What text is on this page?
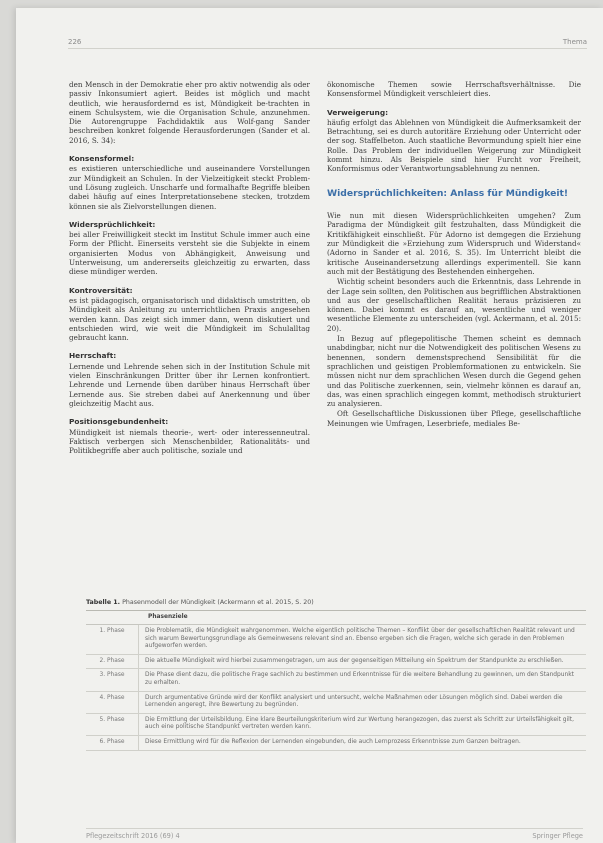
226	Thema

den Mensch in der Demokratie eher pro aktiv notwendig als oder passiv Inkonsumiert agiert. Beides ist möglich und macht deutlich, wie herausfordernd es ist, Mündigkeit be-trachten in einem Schulsystem, wie die Organisation Schule, anzunehmen. Die Autorengruppe Fachdidaktik aus Wolf-gang Sander beschreiben konkret folgende Herausforderungen (Sander et al. 2016, S. 34):

Konsensformel:

es existieren unterschiedliche und auseinandere Vorstellungen zur Mündigkeit an Schulen. In der Vielzeitigkeit steckt Problem- und Lösung zugleich. Unscharfe und formalhafte Begriffe bleiben dabei häufig auf eines Interpretationsebene stecken, trotzdem können sie als Zielvorstellungen dienen.

Widersprüchlichkeit:

bei aller Freiwilligkeit steckt im Institut Schule immer auch eine Form der Pflicht. Einerseits versteht sie die Subjekte in einem organisierten Modus von Abhängigkeit, Anweisung und Unterweisung, um andererseits gleichzeitig zu erwarten, dass diese mündiger werden.

Kontroversität:

es ist pädagogisch, organisatorisch und didaktisch umstritten, ob Mündigkeit als Anleitung zu unterrichtlichen Praxis angesehen werden kann. Das zeigt sich immer dann, wenn diskutiert und entschieden wird, wie weit die Mündigkeit im Schulalltag gebraucht kann.

Herrschaft:

Lernende und Lehrende sehen sich in der Institution Schule mit vielen Einschränkungen Dritter über ihr Lernen konfrontiert. Lehrende und Lernende üben darüber hinaus Herrschaft über Lernende aus. Sie streben dabei auf Anerkennung und über gleichzeitig Macht aus.

Positionsgebundenheit:

Mündigkeit ist niemals theorie-, wert- oder interessenneutral. Faktisch verbergen sich Menschenbilder, Rationalitäts- und Politikbegriffe aber auch politische, soziale und

ökonomische Themen sowie Herrschaftsverhältnisse. Die Konsensformel Mündigkeit verschleiert dies.

Verweigerung:

häufig erfolgt das Ablehnen von Mündigkeit die Aufmerksamkeit der Betrachtung, sei es durch autoritäre Erziehung oder Unterricht oder der sog. Staffelbeton. Auch staatliche Bevormundung spielt hier eine Rolle. Das Problem der individuellen Weigerung zur Mündigkeit kommt hinzu. Als Beispiele sind hier Furcht vor Freiheit, Konformismus oder Verantwortungsablehnung zu nennen.

Widersprüchlichkeiten: Anlass für Mündigkeit!

Wie nun mit diesen Widersprüchlichkeiten umgehen? Zum Paradigma der Mündigkeit gilt festzuhalten, dass Mündigkeit die Kritikfähigkeit einschließt. Für Adorno ist demgegen die Erziehung zur Mündigkeit die »Erziehung zum Widerspruch und Widerstand« (Adorno in Sander et al. 2016, S. 35). Im Unterricht bleibt die kritische Auseinandersetzung allerdings experimentell. Sie kann auch mit der Bestätigung des Bestehenden einhergehen.

Wichtig scheint besonders auch die Erkenntnis, dass Lehrende in der Lage sein sollten, den Politischen aus begrifflichen Abstraktionen und aus der gesellschaftlichen Realität heraus präzisieren zu können. Dabei kommt es darauf an, wesentliche und weniger wesentliche Elemente zu unterscheiden (vgl. Ackermann, et al. 2015: 20).

In Bezug auf pflegepolitische Themen scheint es demnach unabdingbar, nicht nur die Notwendigkeit des politischen Wesens zu benennen, sondern demenstsprechend Sensibilität für die sprachlichen und geistigen Problemformationen zu entwickeln. Sie müssen nicht nur dem sprachlichen Wesen durch die Gegend gehen und das Politische zuerkennen, sein, vielmehr können es darauf an, das, was einen sprachlich eingegen kommt, methodisch strukturiert zu analysieren.

Oft Gesellschaftliche Diskussionen über Pflege, gesellschaftliche Meinungen wie Umfragen, Leserbriefe, mediales Be-

Tabelle 1. Phasenmodell der Mündigkeit (Ackermann et al. 2015, S. 20)
Phasenziele
1. Phase	Die Problematik, die Mündigkeit wahrgenommen. Welche eigentlich politische Themen – Konflikt über der gesellschaftlichen Realität relevant und sich warum Bewertungsgrundlage als Gemeinwesens relevant sind an. Ebenso ergeben sich die Fragen, welche sich gerade in den Problemen aufgeworfen werden.
2. Phase	Die aktuelle Mündigkeit wird hierbei zusammengetragen, um aus der gegenseitigen Mitteilung ein Spektrum der Standpunkte zu erschließen.
3. Phase	Die Phase dient dazu, die politische Frage sachlich zu bestimmen und Erkenntnisse für die weitere Behandlung zu gewinnen, um den Standpunkt zu erhalten.
4. Phase	Durch argumentative Gründe wird der Konflikt analysiert und untersucht, welche Maßnahmen oder Lösungen möglich sind. Dabei werden die Lernenden angeregt, ihre Bewertung zu begründen.
5. Phase	Die Ermittlung der Urteilsbildung. Eine klare Beurteilungskriterium wird zur Wertung herangezogen, das zuerst als Schritt zur Urteilsfähigkeit gilt, auch eine politische Standpunkt vertreten werden kann.
6. Phase	Diese Ermittlung wird für die Reflexion der Lernenden eingebunden, die auch Lernprozess Erkenntnisse zum Ganzen beitragen.
Pflegezeitschrift 2016 (69) 4	Springer Pflege
